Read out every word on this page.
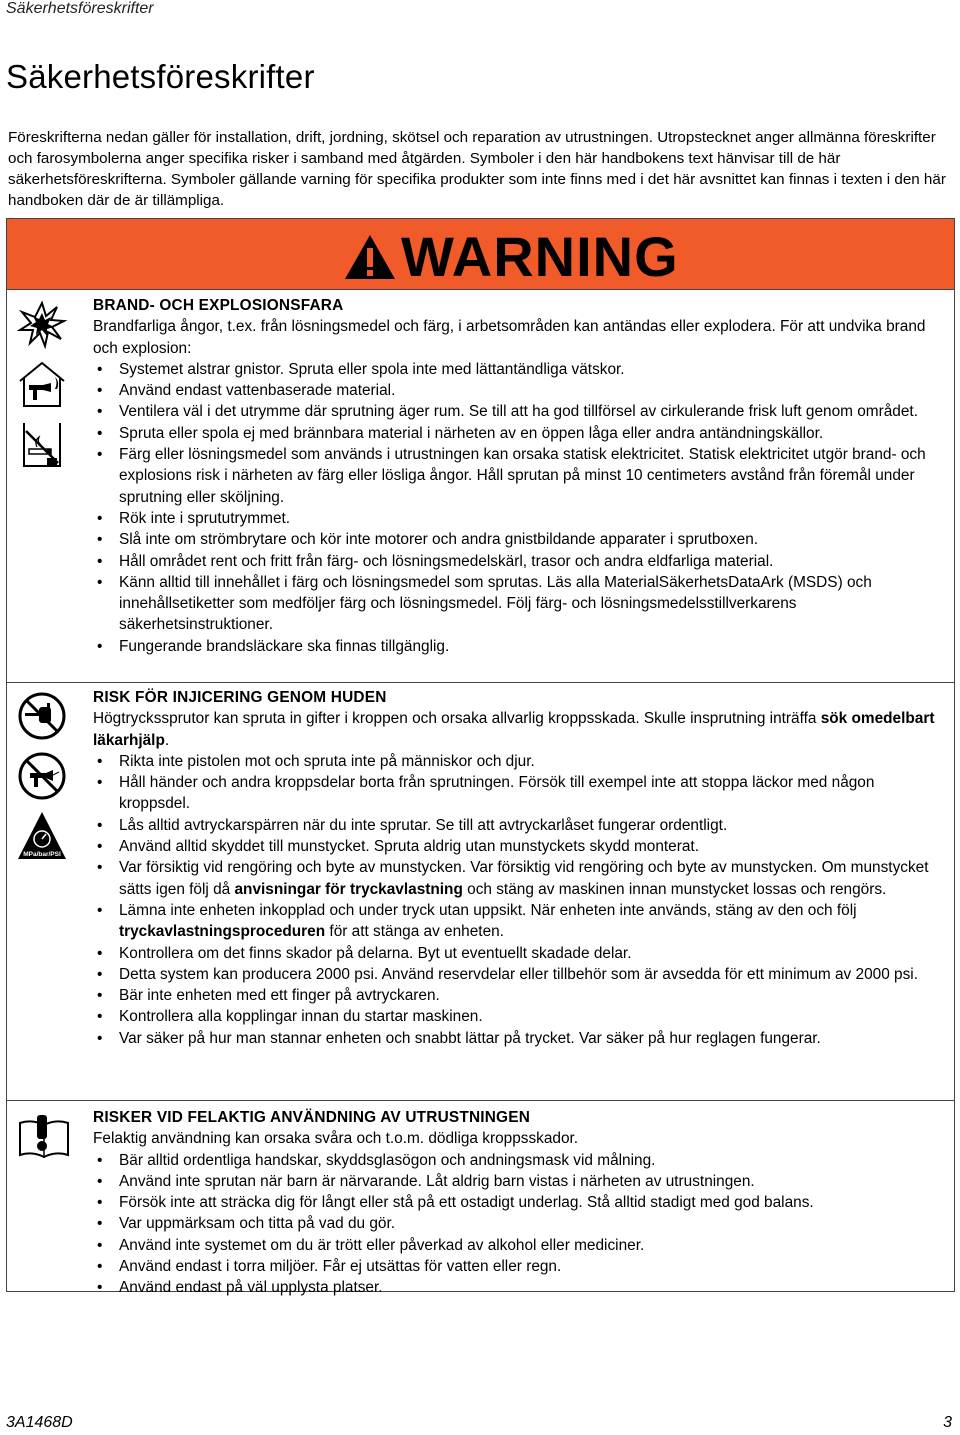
Säkerhetsföreskrifter
Säkerhetsföreskrifter

Föreskrifterna nedan gäller för installation, drift, jordning, skötsel och reparation av utrustningen. Utropstecknet anger allmänna föreskrifter och farosymbolerna anger specifika risker i samband med åtgärden. Symboler i den här handbokens text hänvisar till de här säkerhetsföreskrifterna. Symboler gällande varning för specifika produkter som inte finns med i det här avsnittet kan finnas i texten i den här handboken där de är tillämpliga.

WARNING
BRAND- OCH EXPLOSIONSFARA
Brandfarliga ångor, t.ex. från lösningsmedel och färg, i arbetsområden kan antändas eller explodera. För att undvika brand och explosion:
• Systemet alstrar gnistor. Spruta eller spola inte med lättantändliga vätskor.
• Använd endast vattenbaserade material.
• Ventilera väl i det utrymme där sprutning äger rum. Se till att ha god tillförsel av cirkulerande frisk luft genom området.
• Spruta eller spola ej med brännbara material i närheten av en öppen låga eller andra antändningskällor.
• Färg eller lösningsmedel som används i utrustningen kan orsaka statisk elektricitet. Statisk elektricitet utgör brand- och explosions risk i närheten av färg eller lösliga ångor. Håll sprutan på minst 10 centimeters avstånd från föremål under sprutning eller sköljning.
• Rök inte i sprututrymmet.
• Slå inte om strömbrytare och kör inte motorer och andra gnistbildande apparater i sprutboxen.
• Håll området rent och fritt från färg- och lösningsmedelskärl, trasor och andra eldfarliga material.
• Känn alltid till innehållet i färg och lösningsmedel som sprutas. Läs alla MaterialSäkerhetsDataArk (MSDS) och innehållsetiketter som medföljer färg och lösningsmedel. Följ färg- och lösningsmedelsstillverkarens säkerhetsinstruktioner.
• Fungerande brandsläckare ska finnas tillgänglig.
MPa/bar/PSI
RISK FÖR INJICERING GENOM HUDEN
Högtryckssprutor kan spruta in gifter i kroppen och orsaka allvarlig kroppsskada. Skulle insprutning inträffa sök omedelbart läkarhjälp.
• Rikta inte pistolen mot och spruta inte på människor och djur.
• Håll händer och andra kroppsdelar borta från sprutningen. Försök till exempel inte att stoppa läckor med någon kroppsdel.
• Lås alltid avtryckarspärren när du inte sprutar. Se till att avtryckarlåset fungerar ordentligt.
• Använd alltid skyddet till munstycket. Spruta aldrig utan munstyckets skydd monterat.
• Var försiktig vid rengöring och byte av munstycken. Var försiktig vid rengöring och byte av munstycken. Om munstycket sätts igen följ då anvisningar för tryckavlastning och stäng av maskinen innan munstycket lossas och rengörs.
• Lämna inte enheten inkopplad och under tryck utan uppsikt. När enheten inte används, stäng av den och följ tryckavlastningsproceduren för att stänga av enheten.
• Kontrollera om det finns skador på delarna. Byt ut eventuellt skadade delar.
• Detta system kan producera 2000 psi. Använd reservdelar eller tillbehör som är avsedda för ett minimum av 2000 psi.
• Bär inte enheten med ett finger på avtryckaren.
• Kontrollera alla kopplingar innan du startar maskinen.
• Var säker på hur man stannar enheten och snabbt lättar på trycket. Var säker på hur reglagen fungerar.
RISKER VID FELAKTIG ANVÄNDNING AV UTRUSTNINGEN
Felaktig användning kan orsaka svåra och t.o.m. dödliga kroppsskador.
• Bär alltid ordentliga handskar, skyddsglasögon och andningsmask vid målning.
• Använd inte sprutan när barn är närvarande. Låt aldrig barn vistas i närheten av utrustningen.
• Försök inte att sträcka dig för långt eller stå på ett ostadigt underlag. Stå alltid stadigt med god balans.
• Var uppmärksam och titta på vad du gör.
• Använd inte systemet om du är trött eller påverkad av alkohol eller mediciner.
• Använd endast i torra miljöer. Får ej utsättas för vatten eller regn.
• Använd endast på väl upplysta platser.
3A1468D	3
